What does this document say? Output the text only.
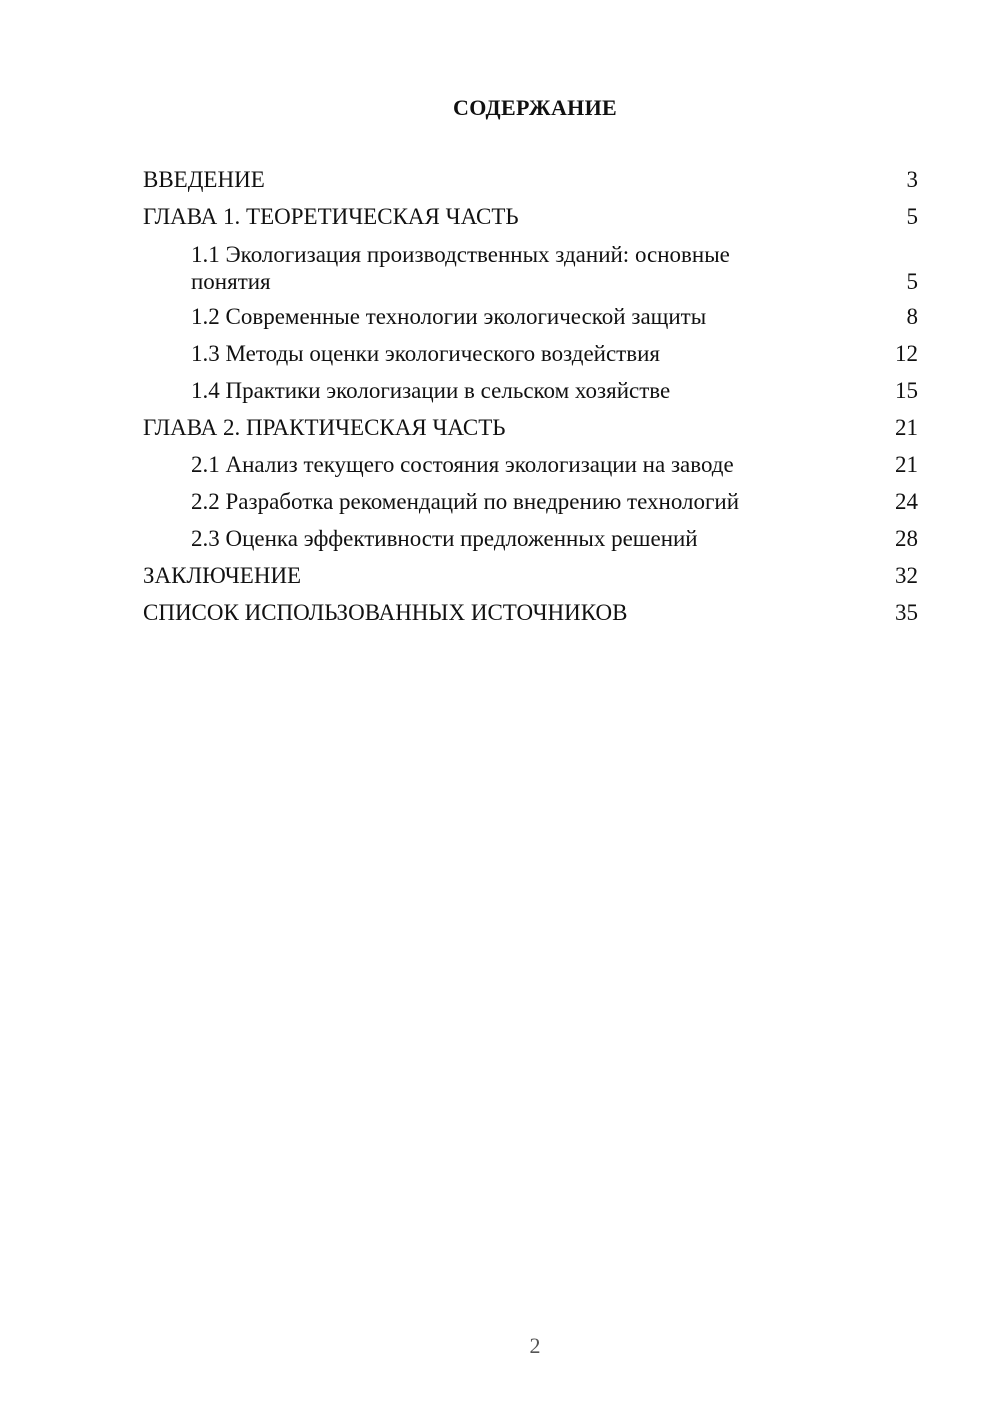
СОДЕРЖАНИЕ
ВВЕДЕНИЕ	3
ГЛАВА 1. ТЕОРЕТИЧЕСКАЯ ЧАСТЬ	5
1.1 Экологизация производственных зданий: основные
понятия	5
1.2 Современные технологии экологической защиты	8
1.3 Методы оценки экологического воздействия	12
1.4 Практики экологизации в сельском хозяйстве	15
ГЛАВА 2. ПРАКТИЧЕСКАЯ ЧАСТЬ	21
2.1 Анализ текущего состояния экологизации на заводе	21
2.2 Разработка рекомендаций по внедрению технологий	24
2.3 Оценка эффективности предложенных решений	28
ЗАКЛЮЧЕНИЕ	32
СПИСОК ИСПОЛЬЗОВАННЫХ ИСТОЧНИКОВ	35
2
